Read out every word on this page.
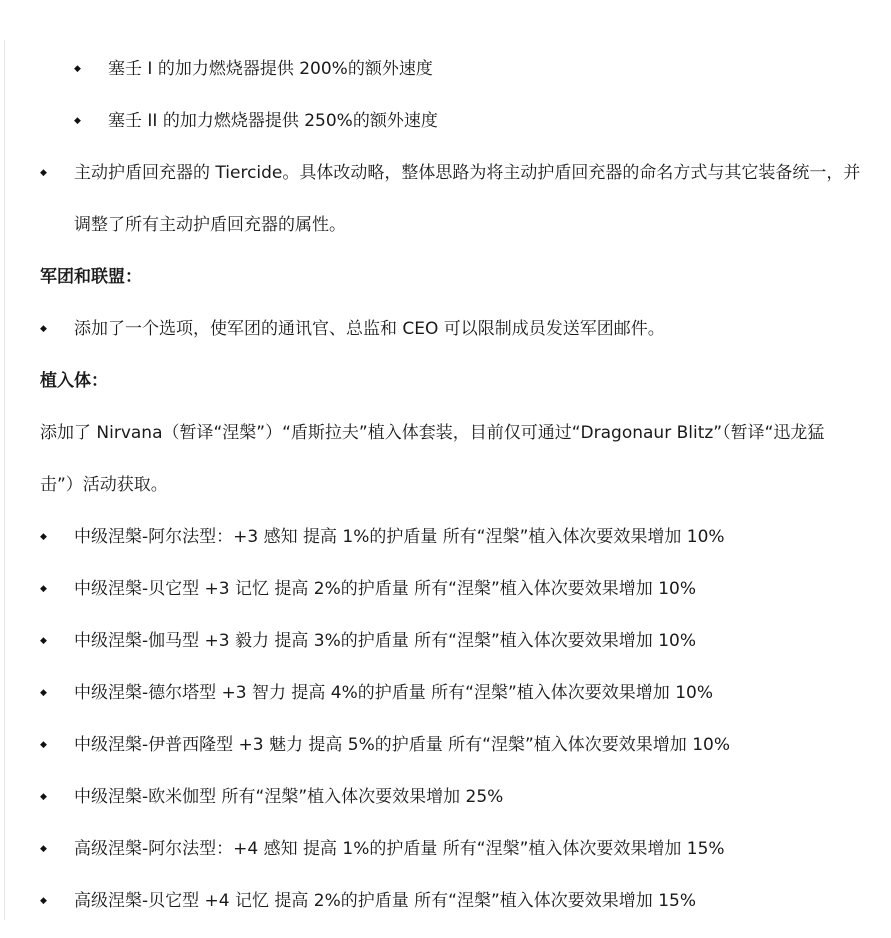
◆ 塞壬 I 的加力燃烧器提供 200%的额外速度
◆ 塞壬 II 的加力燃烧器提供 250%的额外速度
◆ 主动护盾回充器的 Tiercide。具体改动略，整体思路为将主动护盾回充器的命名方式与其它装备统一，并
调整了所有主动护盾回充器的属性。
军团和联盟：
◆ 添加了一个选项，使军团的通讯官、总监和 CEO 可以限制成员发送军团邮件。
植入体：
添加了 Nirvana（暂译“涅槃”）“盾斯拉夫”植入体套装，目前仅可通过“Dragonaur Blitz”（暂译“迅龙猛
击”）活动获取。
◆ 中级涅槃-阿尔法型：+3 感知 提高 1%的护盾量 所有“涅槃”植入体次要效果增加 10%
◆ 中级涅槃-贝它型 +3 记忆 提高 2%的护盾量 所有“涅槃”植入体次要效果增加 10%
◆ 中级涅槃-伽马型 +3 毅力 提高 3%的护盾量 所有“涅槃”植入体次要效果增加 10%
◆ 中级涅槃-德尔塔型 +3 智力 提高 4%的护盾量 所有“涅槃”植入体次要效果增加 10%
◆ 中级涅槃-伊普西隆型 +3 魅力 提高 5%的护盾量 所有“涅槃”植入体次要效果增加 10%
◆ 中级涅槃-欧米伽型 所有“涅槃”植入体次要效果增加 25%
◆ 高级涅槃-阿尔法型：+4 感知 提高 1%的护盾量 所有“涅槃”植入体次要效果增加 15%
◆ 高级涅槃-贝它型 +4 记忆 提高 2%的护盾量 所有“涅槃”植入体次要效果增加 15%
